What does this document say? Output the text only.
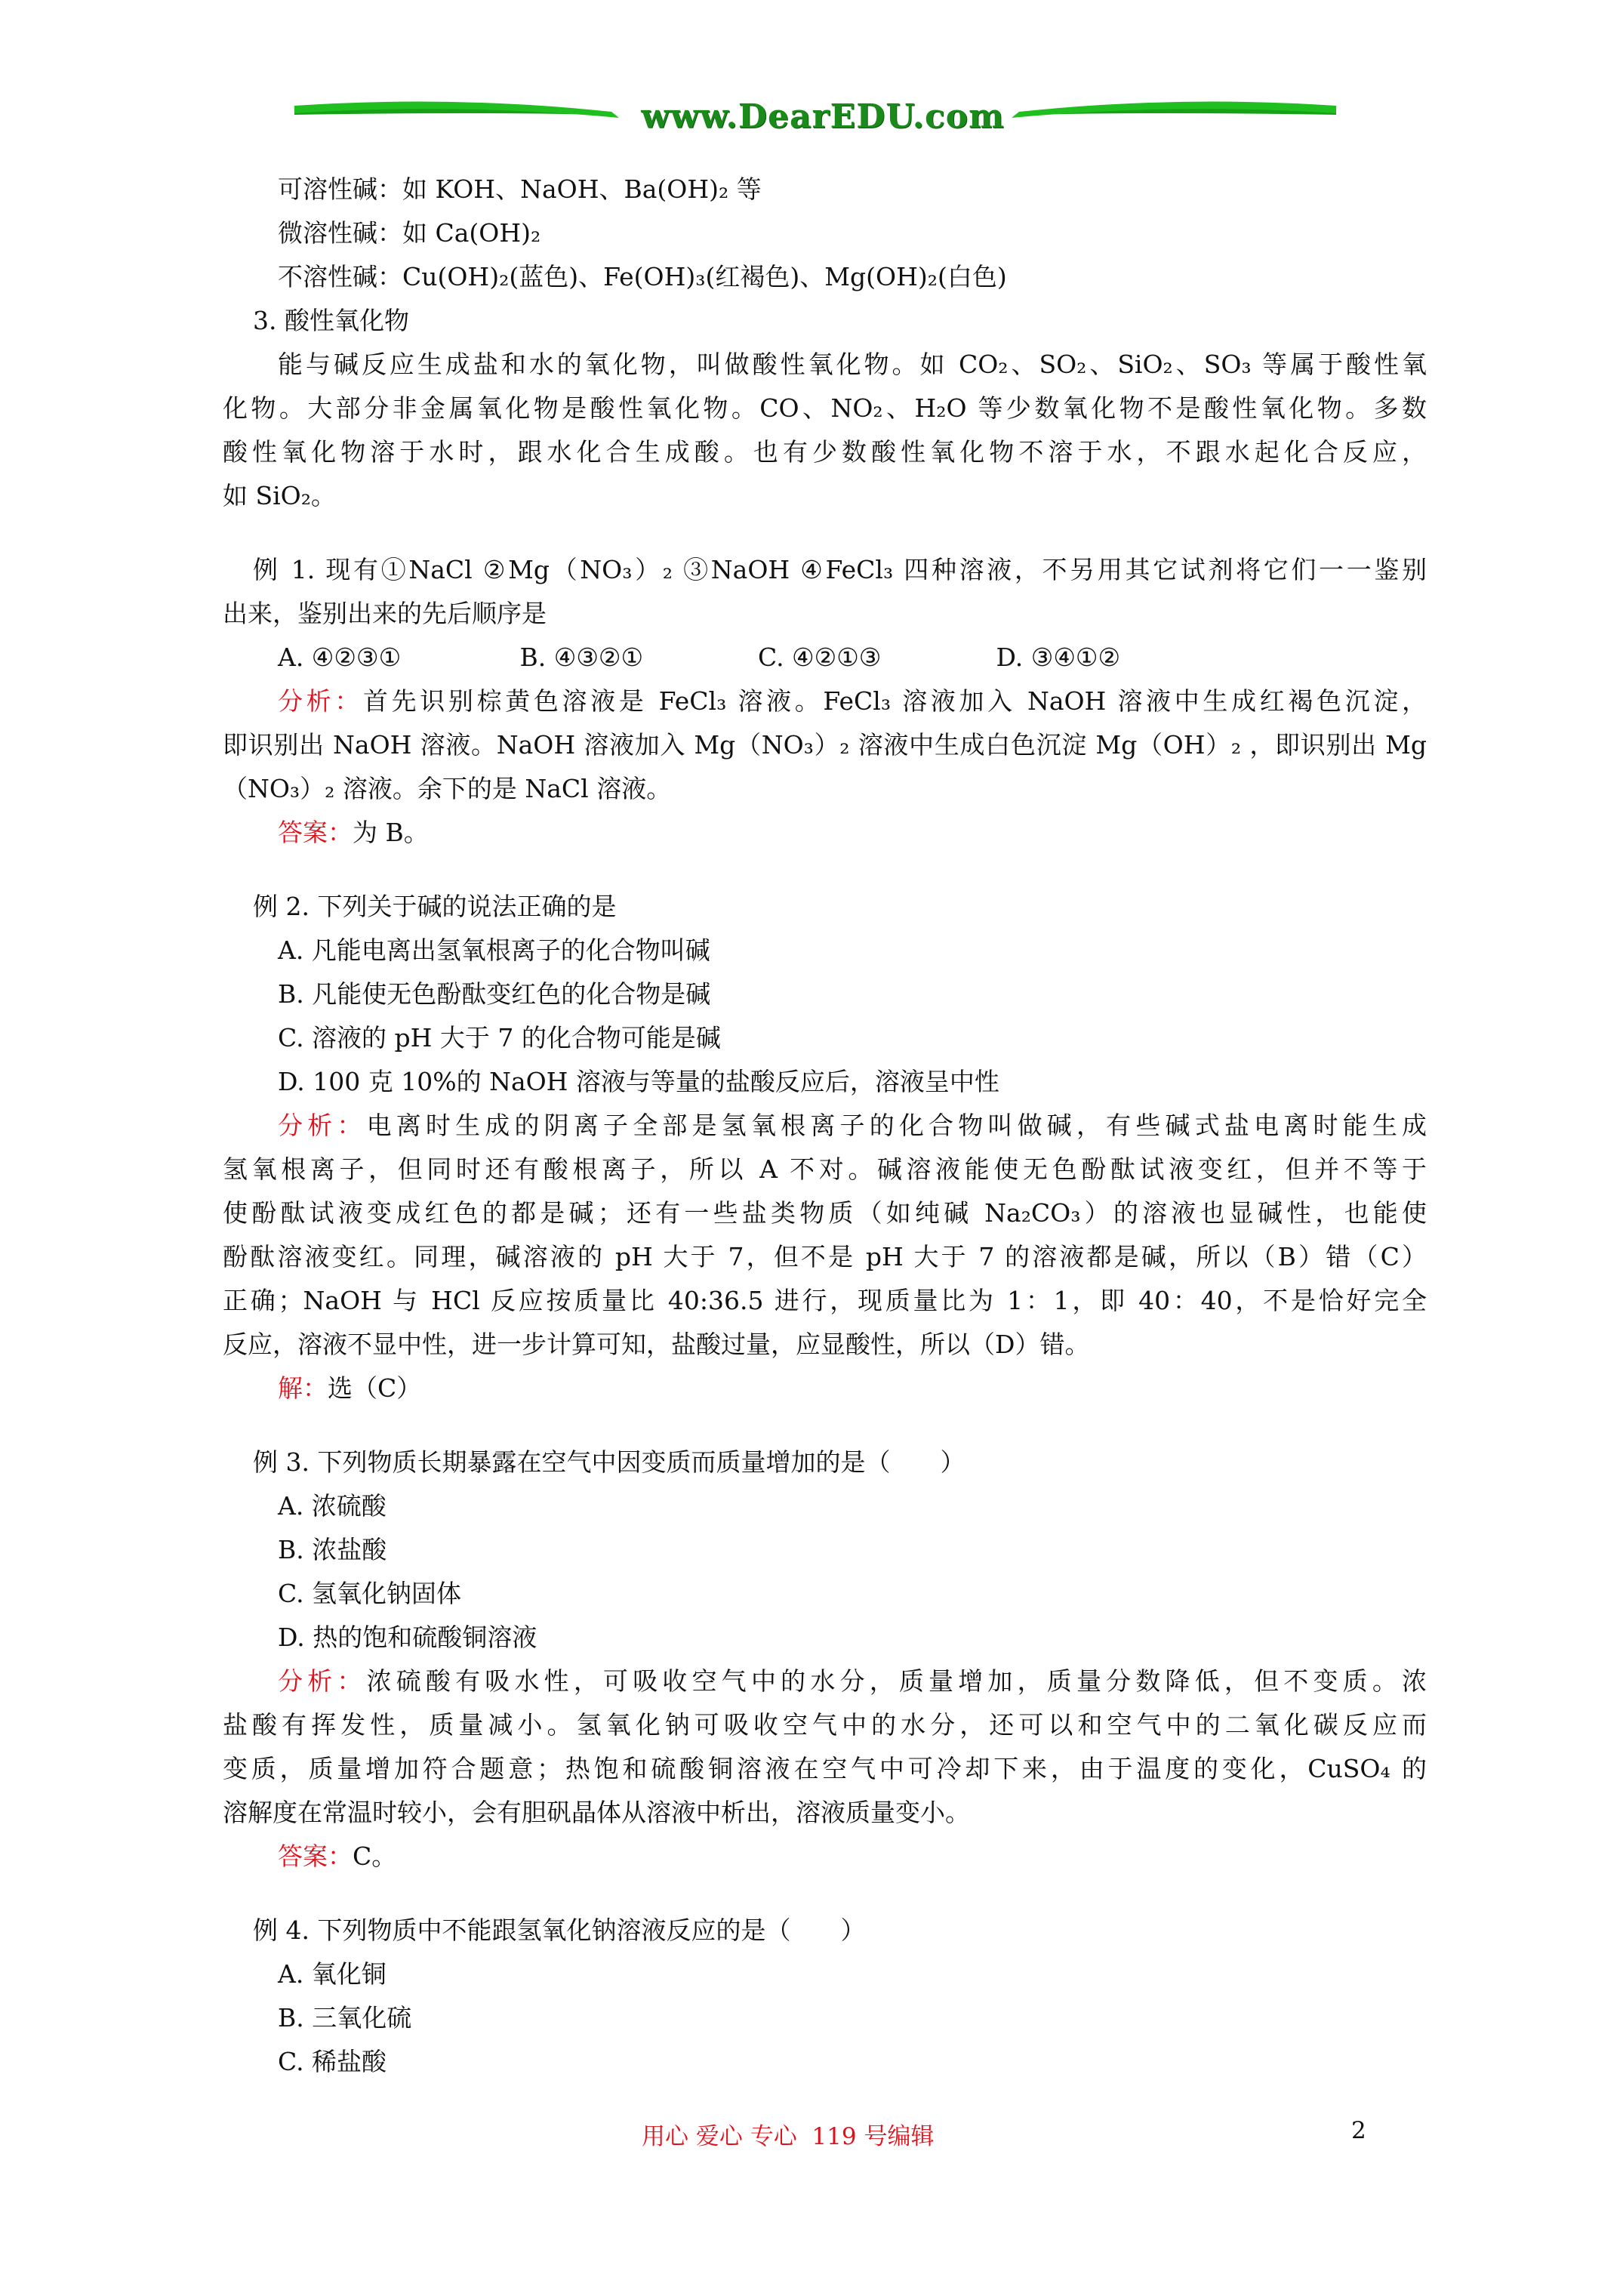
www.DearEDU.com
可溶性碱：如 KOH、NaOH、Ba(OH)₂ 等
微溶性碱：如 Ca(OH)₂
不溶性碱：Cu(OH)₂(蓝色)、Fe(OH)₃(红褐色)、Mg(OH)₂(白色)
3. 酸性氧化物
能与碱反应生成盐和水的氧化物，叫做酸性氧化物。如 CO₂、SO₂、SiO₂、SO₃ 等属于酸性氧
化物。大部分非金属氧化物是酸性氧化物。CO、NO₂、H₂O 等少数氧化物不是酸性氧化物。多数
酸性氧化物溶于水时，跟水化合生成酸。也有少数酸性氧化物不溶于水，不跟水起化合反应，
如 SiO₂。
例 1. 现有①NaCl ②Mg（NO₃）₂ ③NaOH ④FeCl₃ 四种溶液，不另用其它试剂将它们一一鉴别
出来，鉴别出来的先后顺序是
A. ④②③①	B. ④③②①	C. ④②①③	D. ③④①②
分析：首先识别棕黄色溶液是 FeCl₃ 溶液。FeCl₃ 溶液加入 NaOH 溶液中生成红褐色沉淀，
即识别出 NaOH 溶液。NaOH 溶液加入 Mg（NO₃）₂ 溶液中生成白色沉淀 Mg（OH）₂ ，即识别出 Mg
（NO₃）₂ 溶液。余下的是 NaCl 溶液。
答案：为 B。
例 2. 下列关于碱的说法正确的是
A. 凡能电离出氢氧根离子的化合物叫碱
B. 凡能使无色酚酞变红色的化合物是碱
C. 溶液的 pH 大于 7 的化合物可能是碱
D. 100 克 10%的 NaOH 溶液与等量的盐酸反应后，溶液呈中性
分析：电离时生成的阴离子全部是氢氧根离子的化合物叫做碱，有些碱式盐电离时能生成
氢氧根离子，但同时还有酸根离子，所以 A 不对。碱溶液能使无色酚酞试液变红，但并不等于
使酚酞试液变成红色的都是碱；还有一些盐类物质（如纯碱 Na₂CO₃）的溶液也显碱性，也能使
酚酞溶液变红。同理，碱溶液的 pH 大于 7，但不是 pH 大于 7 的溶液都是碱，所以（B）错（C）
正确；NaOH 与 HCl 反应按质量比 40:36.5 进行，现质量比为 1：1，即 40：40，不是恰好完全
反应，溶液不显中性，进一步计算可知，盐酸过量，应显酸性，所以（D）错。
解：选（C）
例 3. 下列物质长期暴露在空气中因变质而质量增加的是（　　）
A. 浓硫酸
B. 浓盐酸
C. 氢氧化钠固体
D. 热的饱和硫酸铜溶液
分析：浓硫酸有吸水性，可吸收空气中的水分，质量增加，质量分数降低，但不变质。浓
盐酸有挥发性，质量减小。氢氧化钠可吸收空气中的水分，还可以和空气中的二氧化碳反应而
变质，质量增加符合题意；热饱和硫酸铜溶液在空气中可冷却下来，由于温度的变化，CuSO₄ 的
溶解度在常温时较小，会有胆矾晶体从溶液中析出，溶液质量变小。
答案：C。
例 4. 下列物质中不能跟氢氧化钠溶液反应的是（　　）
A. 氧化铜
B. 三氧化硫
C. 稀盐酸
用心 爱心 专心  119 号编辑	2
